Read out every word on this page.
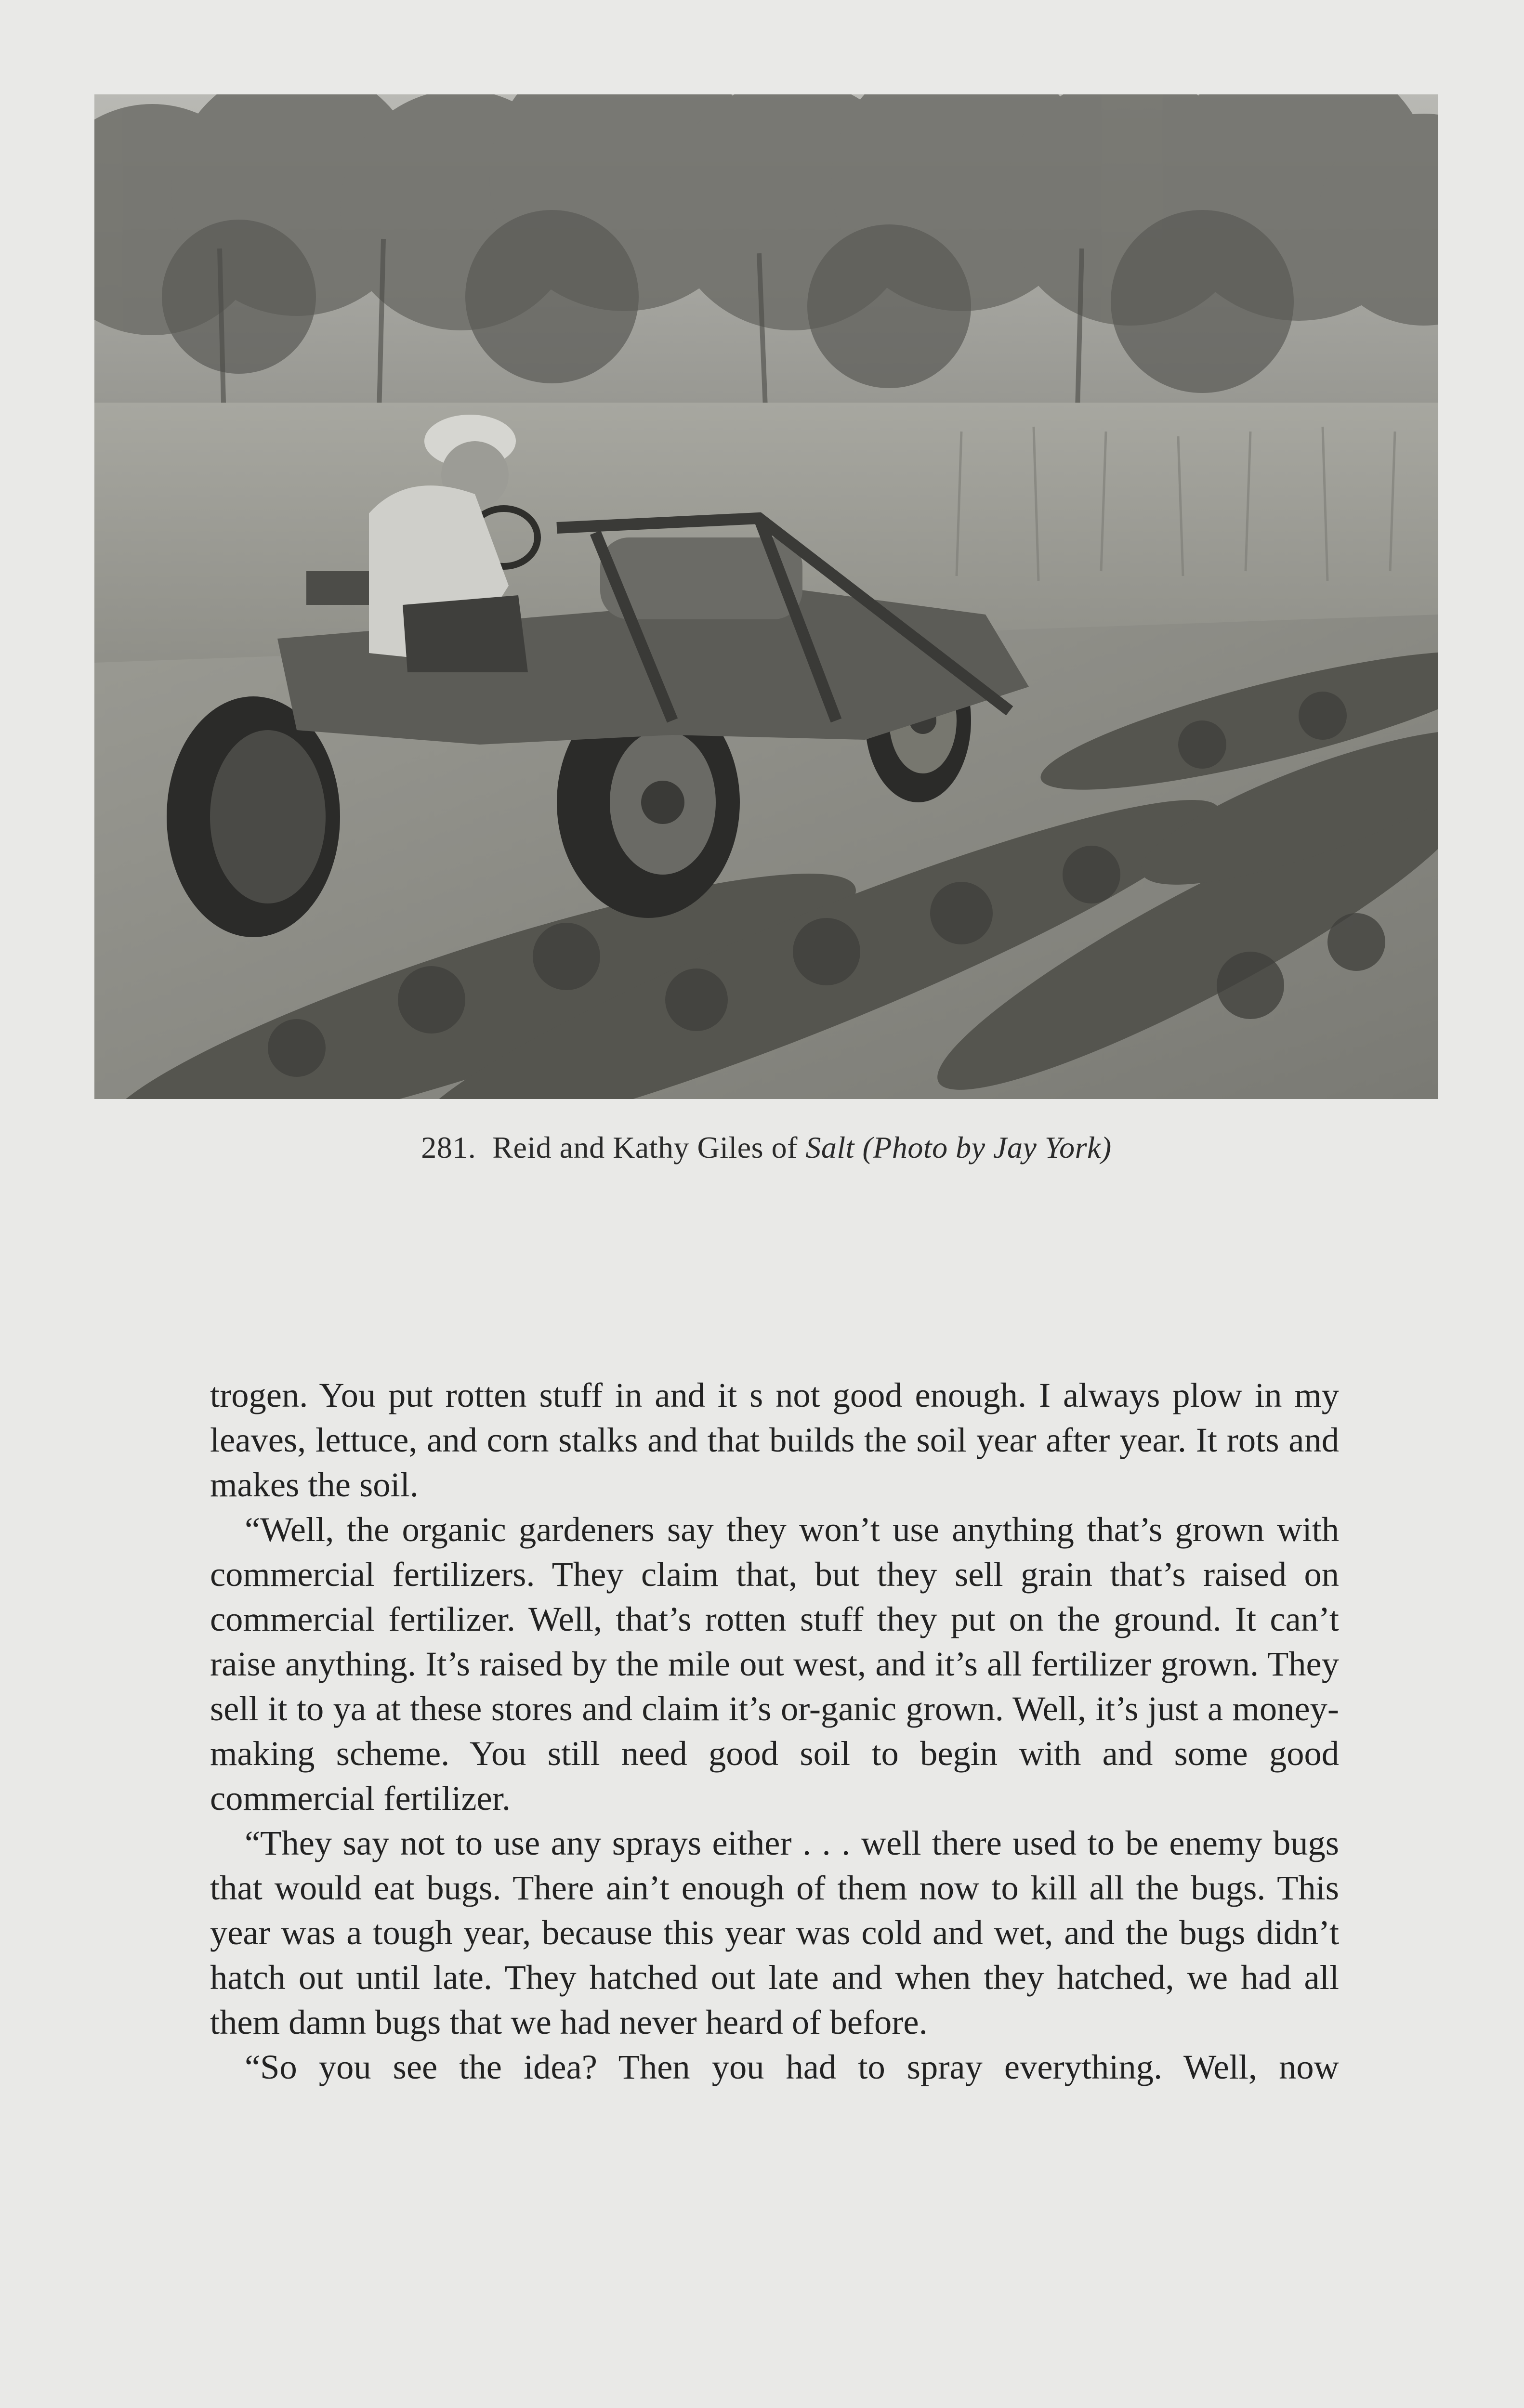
281. Reid and Kathy Giles of Salt (Photo by Jay York)

trogen. You put rotten stuff in and it s not good enough. I always plow in my leaves, lettuce, and corn stalks and that builds the soil year after year. It rots and makes the soil.

“Well, the organic gardeners say they won’t use anything that’s grown with commercial fertilizers. They claim that, but they sell grain that’s raised on commercial fertilizer. Well, that’s rotten stuff they put on the ground. It can’t raise anything. It’s raised by the mile out west, and it’s all fertilizer grown. They sell it to ya at these stores and claim it’s or-ganic grown. Well, it’s just a money-making scheme. You still need good soil to begin with and some good commercial fertilizer.

“They say not to use any sprays either . . . well there used to be enemy bugs that would eat bugs. There ain’t enough of them now to kill all the bugs. This year was a tough year, because this year was cold and wet, and the bugs didn’t hatch out until late. They hatched out late and when they hatched, we had all them damn bugs that we had never heard of before.

“So you see the idea? Then you had to spray everything. Well, now
